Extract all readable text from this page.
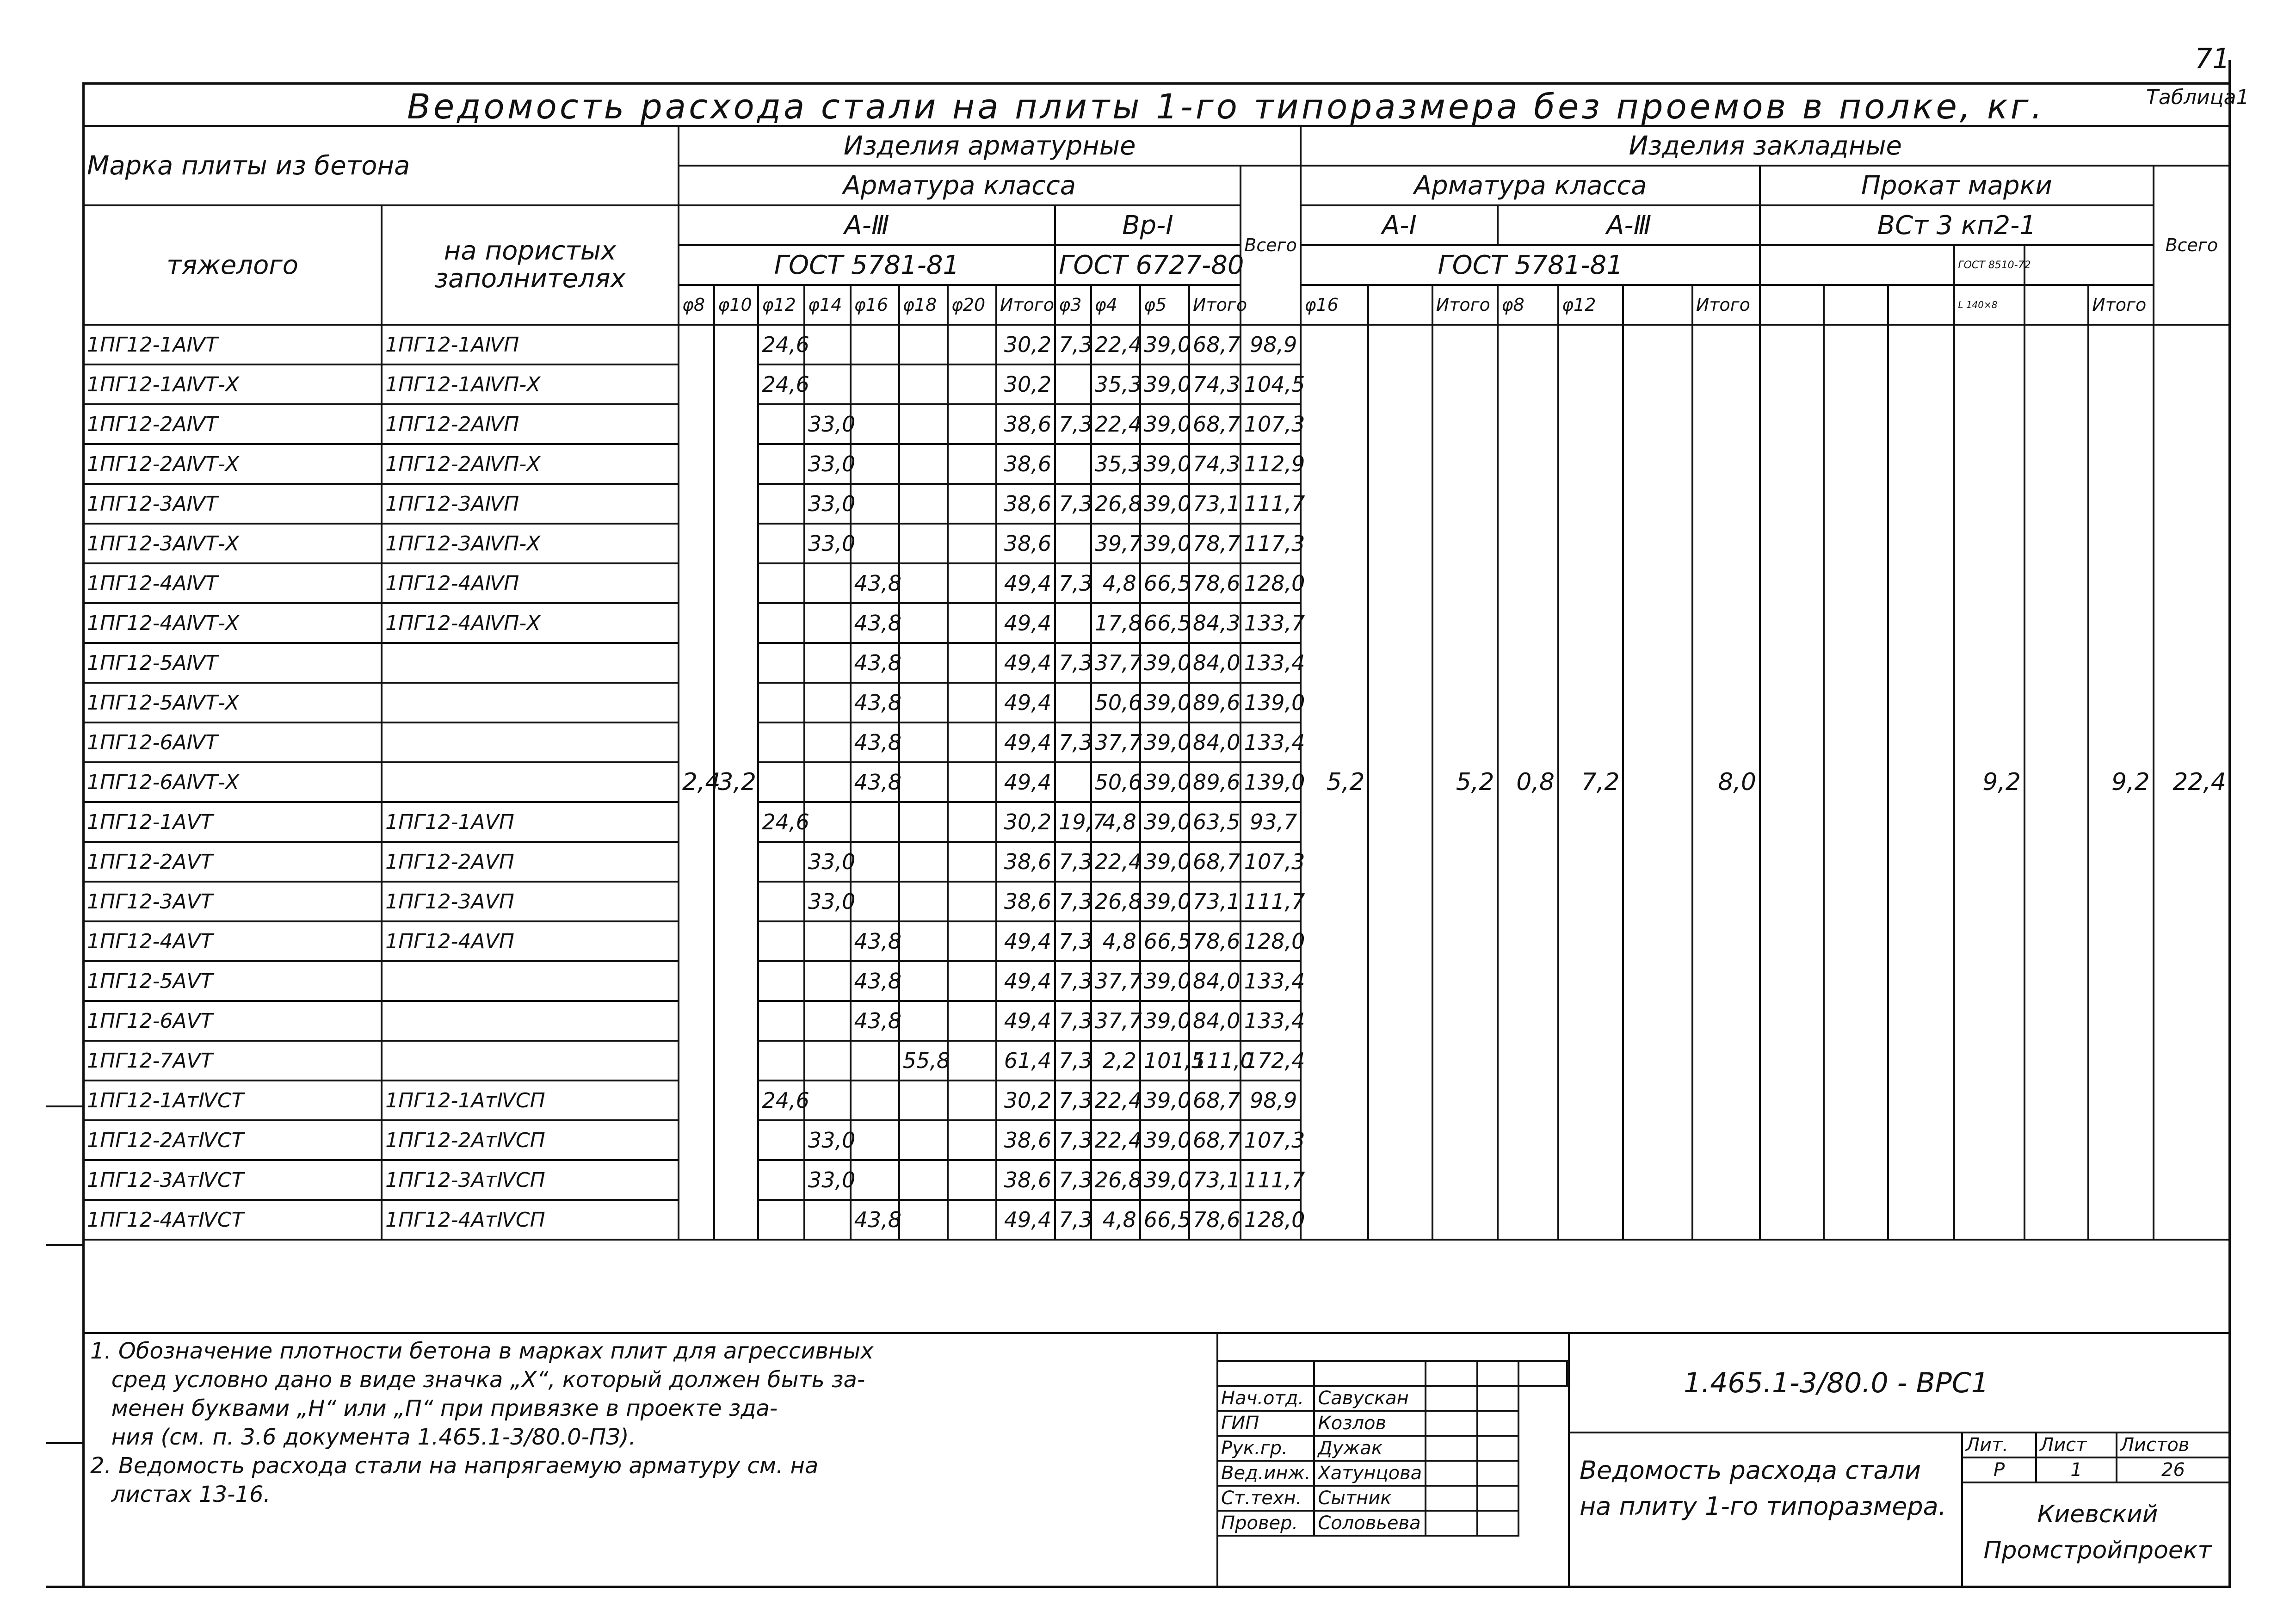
71
Таблица1
Ведомость расхода стали на плиты 1-го типоразмера без проемов в полке, кг.
Марка плиты из бетона		Изделия арматурные													Изделия закладные													
		Арматура класса												Всего	Арматура класса							Прокат марки						Всего
тяжелого	на пористых заполнителях	А-Ⅲ								Вр-I					А-I			А-Ⅲ				ВСт 3 кп2-1						
		ГОСТ 5781-81								ГОСТ 6727-80					ГОСТ 5781-81										ГОСТ 8510-72			
		φ8	φ10	φ12	φ14	φ16	φ18	φ20	Итого	φ3	φ4	φ5	Итого		φ16		Итого	φ8	φ12		Итого				L 140×8		Итого	
1ПГ12-1АⅣТ	1ПГ12-1АⅣП	2,4	3,2	24,6					30,2	7,3	22,4	39,0	68,7	98,9	5,2		5,2	0,8	7,2		8,0				9,2		9,2	22,4
1ПГ12-1АⅣТ-Х	1ПГ12-1АⅣП-Х			24,6					30,2		35,3	39,0	74,3	104,5														
1ПГ12-2АⅣТ	1ПГ12-2АⅣП				33,0				38,6	7,3	22,4	39,0	68,7	107,3														
1ПГ12-2АⅣТ-Х	1ПГ12-2АⅣП-Х				33,0				38,6		35,3	39,0	74,3	112,9														
1ПГ12-3АⅣТ	1ПГ12-3АⅣП				33,0				38,6	7,3	26,8	39,0	73,1	111,7														
1ПГ12-3АⅣТ-Х	1ПГ12-3АⅣП-Х				33,0				38,6		39,7	39,0	78,7	117,3														
1ПГ12-4АⅣТ	1ПГ12-4АⅣП					43,8			49,4	7,3	4,8	66,5	78,6	128,0														
1ПГ12-4АⅣТ-Х	1ПГ12-4АⅣП-Х					43,8			49,4		17,8	66,5	84,3	133,7														
1ПГ12-5АⅣТ						43,8			49,4	7,3	37,7	39,0	84,0	133,4														
1ПГ12-5АⅣТ-Х						43,8			49,4		50,6	39,0	89,6	139,0														
1ПГ12-6АⅣТ						43,8			49,4	7,3	37,7	39,0	84,0	133,4														
1ПГ12-6АⅣТ-Х						43,8			49,4		50,6	39,0	89,6	139,0														
1ПГ12-1АⅤТ	1ПГ12-1АⅤП			24,6					30,2	19,7	4,8	39,0	63,5	93,7														
1ПГ12-2АⅤТ	1ПГ12-2АⅤП				33,0				38,6	7,3	22,4	39,0	68,7	107,3														
1ПГ12-3АⅤТ	1ПГ12-3АⅤП				33,0				38,6	7,3	26,8	39,0	73,1	111,7														
1ПГ12-4АⅤТ	1ПГ12-4АⅤП					43,8			49,4	7,3	4,8	66,5	78,6	128,0														
1ПГ12-5АⅤТ						43,8			49,4	7,3	37,7	39,0	84,0	133,4														
1ПГ12-6АⅤТ						43,8			49,4	7,3	37,7	39,0	84,0	133,4														
1ПГ12-7АⅤТ							55,8		61,4	7,3	2,2	101,5	111,0	172,4														
1ПГ12-1АтⅣСТ	1ПГ12-1АтⅣСП			24,6					30,2	7,3	22,4	39,0	68,7	98,9														
1ПГ12-2АтⅣСТ	1ПГ12-2АтⅣСП				33,0				38,6	7,3	22,4	39,0	68,7	107,3														
1ПГ12-3АтⅣСТ	1ПГ12-3АтⅣСП				33,0				38,6	7,3	26,8	39,0	73,1	111,7														
1ПГ12-4АтⅣСТ	1ПГ12-4АтⅣСП					43,8			49,4	7,3	4,8	66,5	78,6	128,0														
1. Обозначение плотности бетона в марках плит для агрессивных
сред условно дано в виде значка „Х“, который должен быть за-
менен буквами „Н“ или „П“ при привязке в проекте зда-
ния (см. п. 3.6 документа 1.465.1-3/80.0-ПЗ).
2. Ведомость расхода стали на напрягаемую арматуру см. на
листах 13-16.
1.465.1-3/80.0 - ВРС1
Ведомость расхода стали на плиту 1-го типоразмера.
Лит.	Лист	Листов
Р	1	26
Киевский Промстройпроект

Нач.отд.	Савускан			
ГИП	Козлов			
Рук.гр.	Дужак			
Вед.инж.	Хатунцова			
Ст.техн.	Сытник			
Провер.	Соловьева			
